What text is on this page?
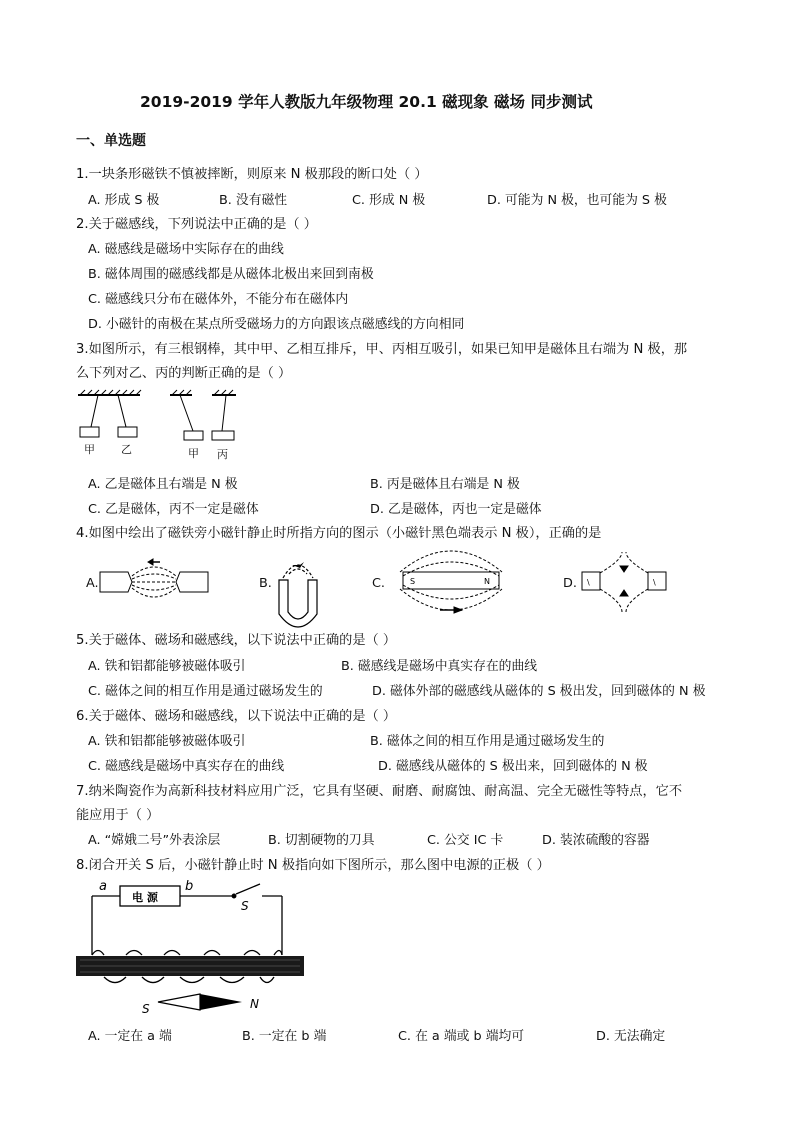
2019-2019 学年人教版九年级物理 20.1 磁现象 磁场 同步测试
一、单选题
1.一块条形磁铁不慎被摔断，则原来 N 极那段的断口处（ ）
A. 形成 S 极	B. 没有磁性	C. 形成 N 极	D. 可能为 N 极，也可能为 S 极
2.关于磁感线，下列说法中正确的是（ ）
A. 磁感线是磁场中实际存在的曲线
B. 磁体周围的磁感线都是从磁体北极出来回到南极
C. 磁感线只分布在磁体外，不能分布在磁体内
D. 小磁针的南极在某点所受磁场力的方向跟该点磁感线的方向相同
3.如图所示，有三根钢棒，其中甲、乙相互排斥，甲、丙相互吸引，如果已知甲是磁体且右端为 N 极，那
么下列对乙、丙的判断正确的是（ ）
甲 乙	甲 丙
A. 乙是磁体且右端是 N 极	B. 丙是磁体且右端是 N 极
C. 乙是磁体，丙不一定是磁体	D. 乙是磁体，丙也一定是磁体
4.如图中绘出了磁铁旁小磁针静止时所指方向的图示（小磁针黑色端表示 N 极），正确的是
A.	B.	C.	D.
S	N	\	\
5.关于磁体、磁场和磁感线，以下说法中正确的是（ ）
A. 铁和铝都能够被磁体吸引	B. 磁感线是磁场中真实存在的曲线
C. 磁体之间的相互作用是通过磁场发生的	D. 磁体外部的磁感线从磁体的 S 极出发，回到磁体的 N 极
6.关于磁体、磁场和磁感线，以下说法中正确的是（ ）
A. 铁和铝都能够被磁体吸引	B. 磁体之间的相互作用是通过磁场发生的
C. 磁感线是磁场中真实存在的曲线	D. 磁感线从磁体的 S 极出来，回到磁体的 N 极
7.纳米陶瓷作为高新科技材料应用广泛，它具有坚硬、耐磨、耐腐蚀、耐高温、完全无磁性等特点，它不
能应用于（ ）
A. “嫦娥二号”外表涂层	B. 切割硬物的刀具	C. 公交 IC 卡	D. 装浓硫酸的容器
8.闭合开关 S 后，小磁针静止时 N 极指向如下图所示，那么图中电源的正极（ ）
a	b
电 源
S
S	N
A. 一定在 a 端	B. 一定在 b 端	C. 在 a 端或 b 端均可	D. 无法确定
